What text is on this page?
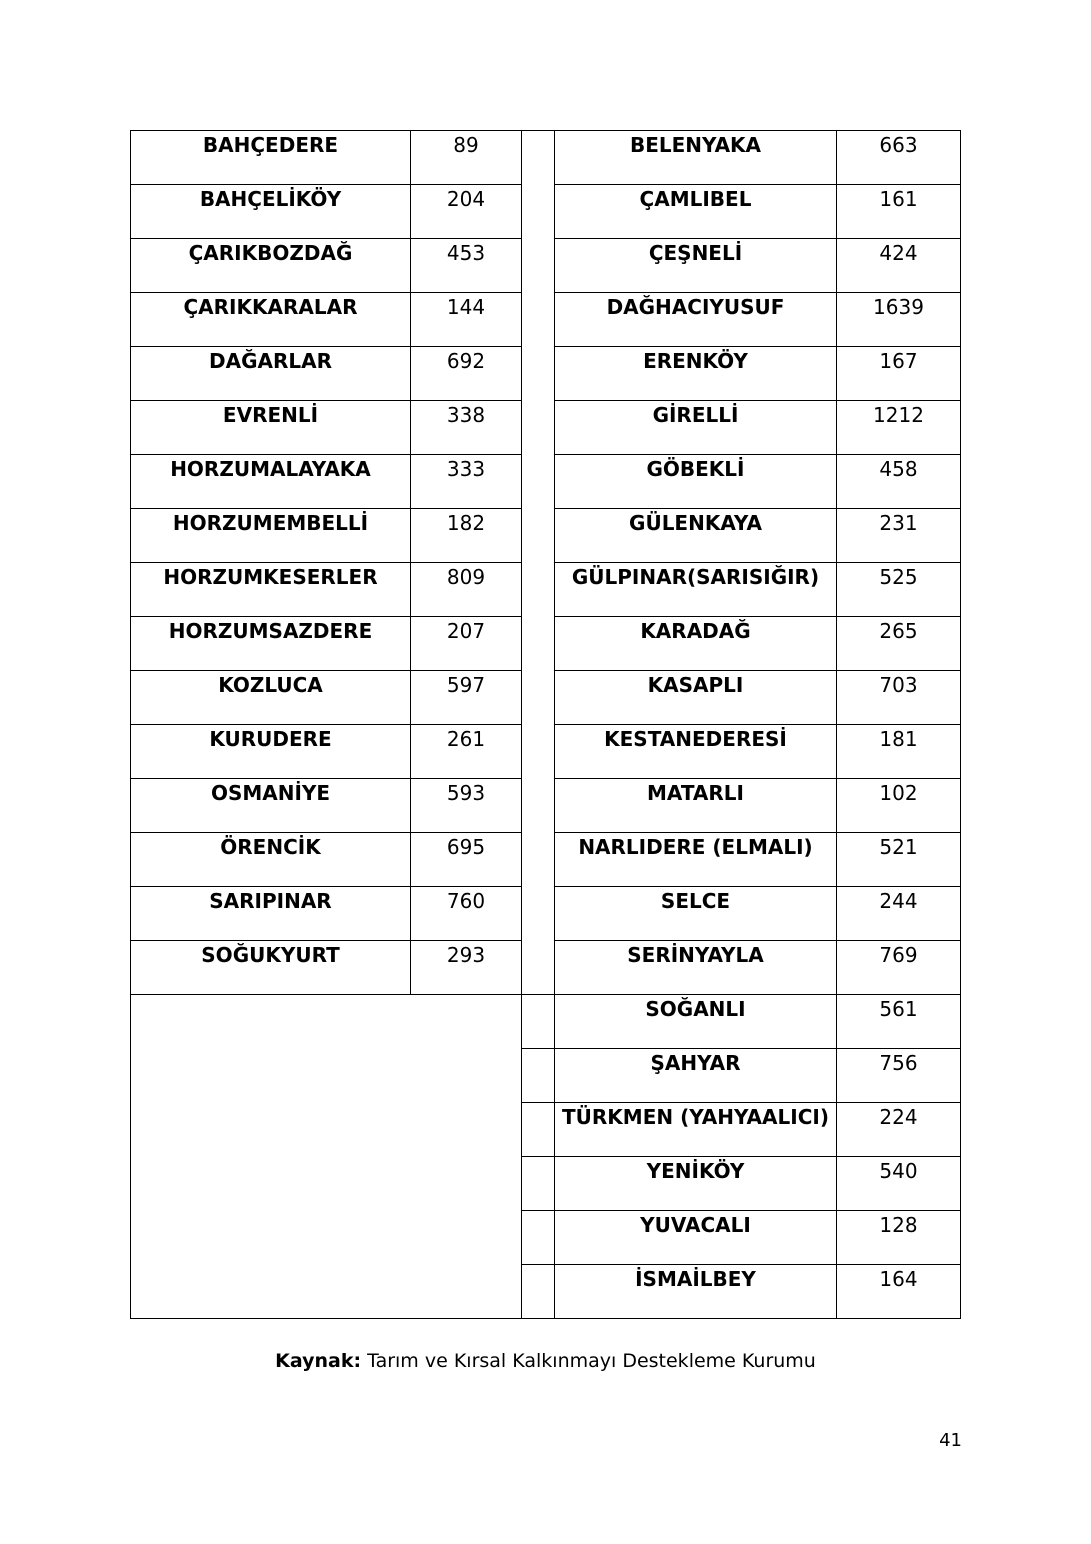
BAHÇEDERE	89		BELENYAKA	663
BAHÇELİKÖY	204		ÇAMLIBEL	161
ÇARIKBOZDAĞ	453		ÇEŞNELİ	424
ÇARIKKARALAR	144		DAĞHACIYUSUF	1639
DAĞARLAR	692		ERENKÖY	167
EVRENLİ	338		GİRELLİ	1212
HORZUMALAYAKA	333		GÖBEKLİ	458
HORZUMEMBELLİ	182		GÜLENKAYA	231
HORZUMKESERLER	809		GÜLPINAR(SARISIĞIR)	525
HORZUMSAZDERE	207		KARADAĞ	265
KOZLUCA	597		KASAPLI	703
KURUDERE	261		KESTANEDERESİ	181
OSMANİYE	593		MATARLI	102
ÖRENCİK	695		NARLIDERE (ELMALI)	521
SARIPINAR	760		SELCE	244
SOĞUKYURT	293		SERİNYAYLA	769
			SOĞANLI	561
			ŞAHYAR	756
			TÜRKMEN (YAHYAALICI)	224
			YENİKÖY	540
			YUVACALI	128
			İSMAİLBEY	164
Kaynak: Tarım ve Kırsal Kalkınmayı Destekleme Kurumu
41
